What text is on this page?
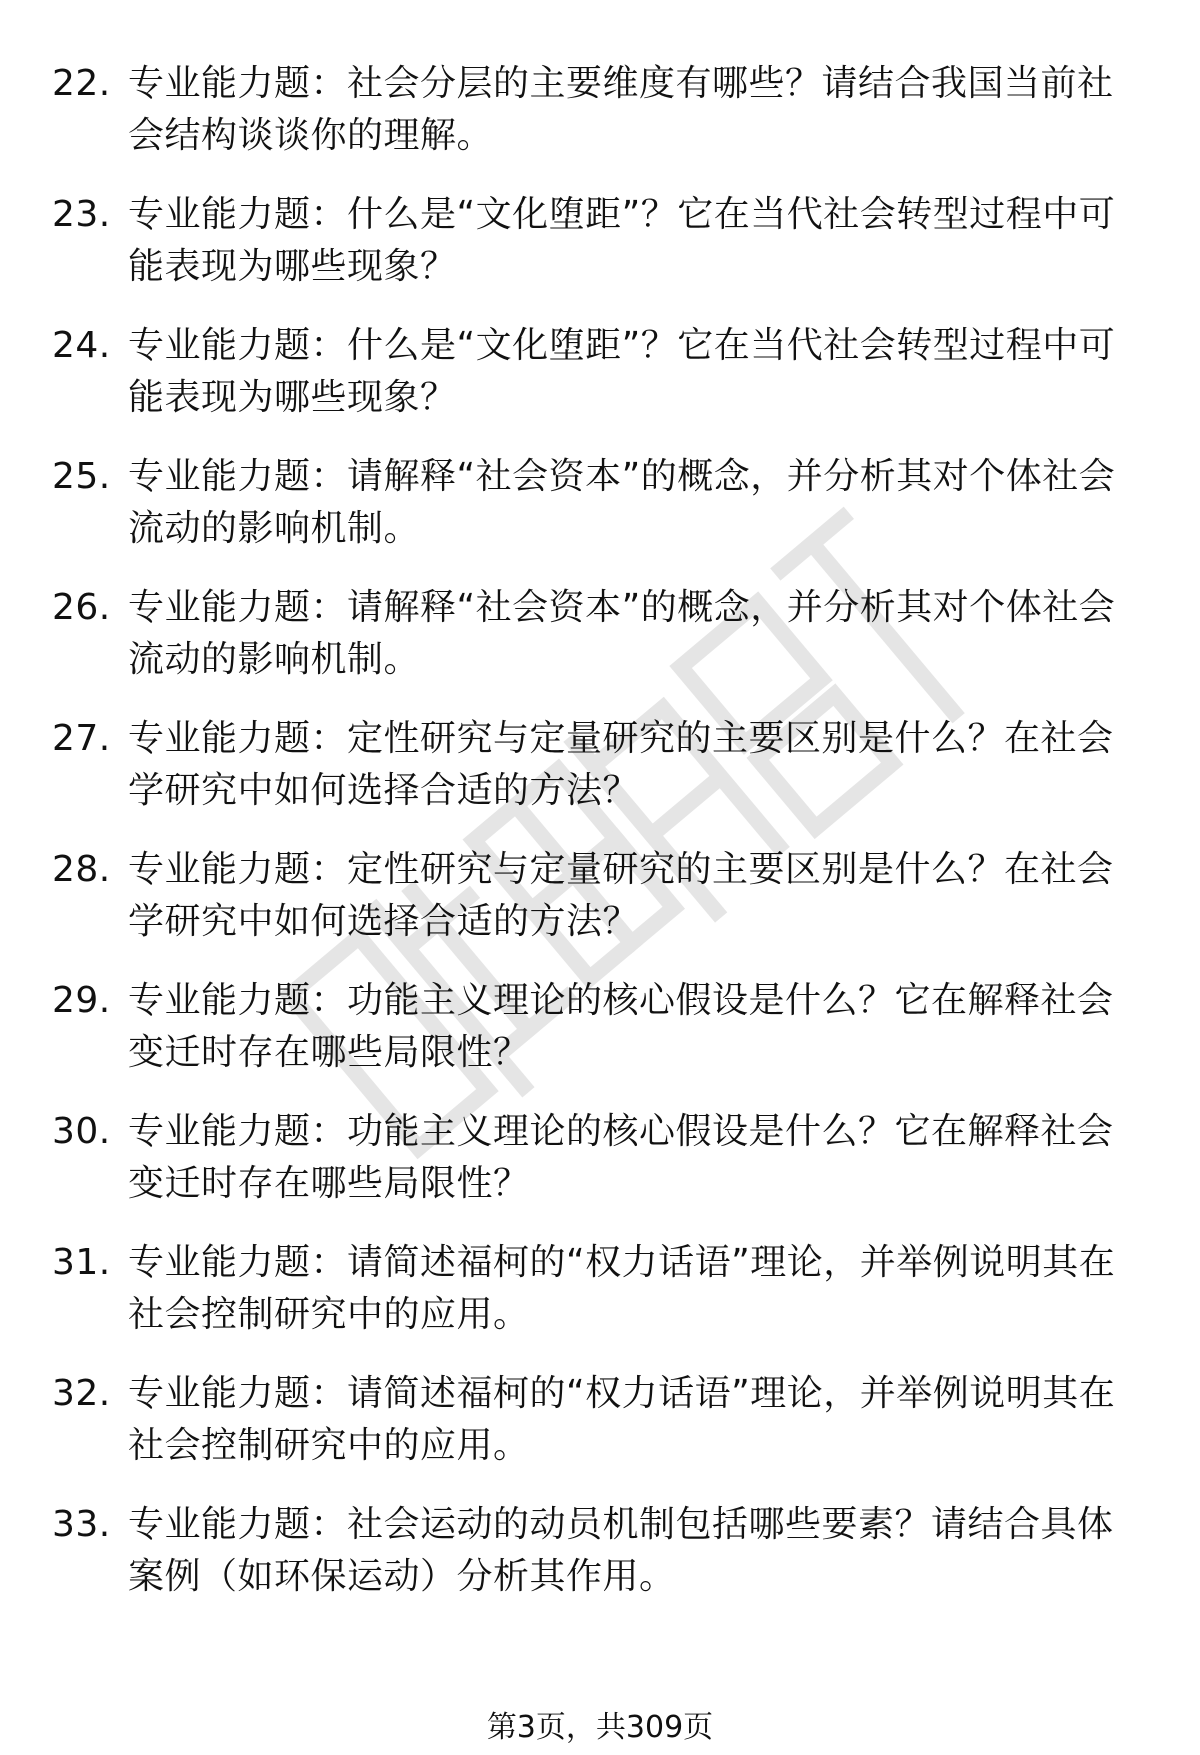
22. 专业能力题：社会分层的主要维度有哪些？请结合我国当前社会结构谈谈你的理解。
23. 专业能力题：什么是“文化堕距”？它在当代社会转型过程中可能表现为哪些现象？
24. 专业能力题：什么是“文化堕距”？它在当代社会转型过程中可能表现为哪些现象？
25. 专业能力题：请解释“社会资本”的概念，并分析其对个体社会流动的影响机制。
26. 专业能力题：请解释“社会资本”的概念，并分析其对个体社会流动的影响机制。
27. 专业能力题：定性研究与定量研究的主要区别是什么？在社会学研究中如何选择合适的方法？
28. 专业能力题：定性研究与定量研究的主要区别是什么？在社会学研究中如何选择合适的方法？
29. 专业能力题：功能主义理论的核心假设是什么？它在解释社会变迁时存在哪些局限性？
30. 专业能力题：功能主义理论的核心假设是什么？它在解释社会变迁时存在哪些局限性？
31. 专业能力题：请简述福柯的“权力话语”理论，并举例说明其在社会控制研究中的应用。
32. 专业能力题：请简述福柯的“权力话语”理论，并举例说明其在社会控制研究中的应用。
33. 专业能力题：社会运动的动员机制包括哪些要素？请结合具体案例（如环保运动）分析其作用。
第3页，共309页
